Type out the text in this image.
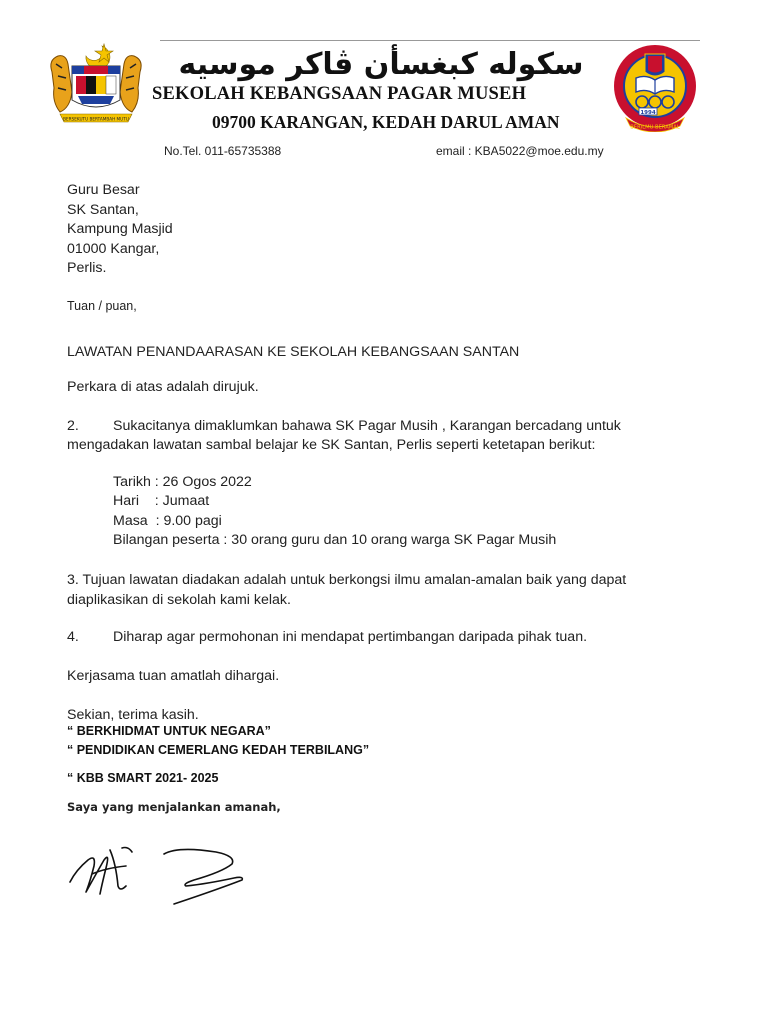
BERSEKUTU BERTAMBAH MUTU
سکوله کبغسأن ڤاکر موسيه
SEKOLAH KEBANGSAAN PAGAR MUSEH
09700 KARANGAN, KEDAH DARUL AMAN	1994
BERILMU BERAMAL
No.Tel. 011-65735388	email : KBA5022@moe.edu.my
Guru Besar
SK Santan,
Kampung Masjid
01000 Kangar,
Perlis.
Tuan / puan,
LAWATAN PENANDAARASAN KE SEKOLAH KEBANGSAAN SANTAN
Perkara di atas adalah dirujuk.
2. Sukacitanya dimaklumkan bahawa SK Pagar Musih , Karangan bercadang untuk
mengadakan lawatan sambal belajar ke SK Santan, Perlis seperti ketetapan berikut:
Tarikh : 26 Ogos 2022
Hari    : Jumaat
Masa  : 9.00 pagi
Bilangan peserta : 30 orang guru dan 10 orang warga SK Pagar Musih
3. Tujuan lawatan diadakan adalah untuk berkongsi ilmu amalan-amalan baik yang dapat
diaplikasikan di sekolah kami kelak.
4. Diharap agar permohonan ini mendapat pertimbangan daripada pihak tuan.
Kerjasama tuan amatlah dihargai.
Sekian, terima kasih.
“ BERKHIDMAT UNTUK NEGARA”
“ PENDIDIKAN CEMERLANG KEDAH TERBILANG”
“ KBB SMART 2021- 2025
Saya yang menjalankan amanah,
